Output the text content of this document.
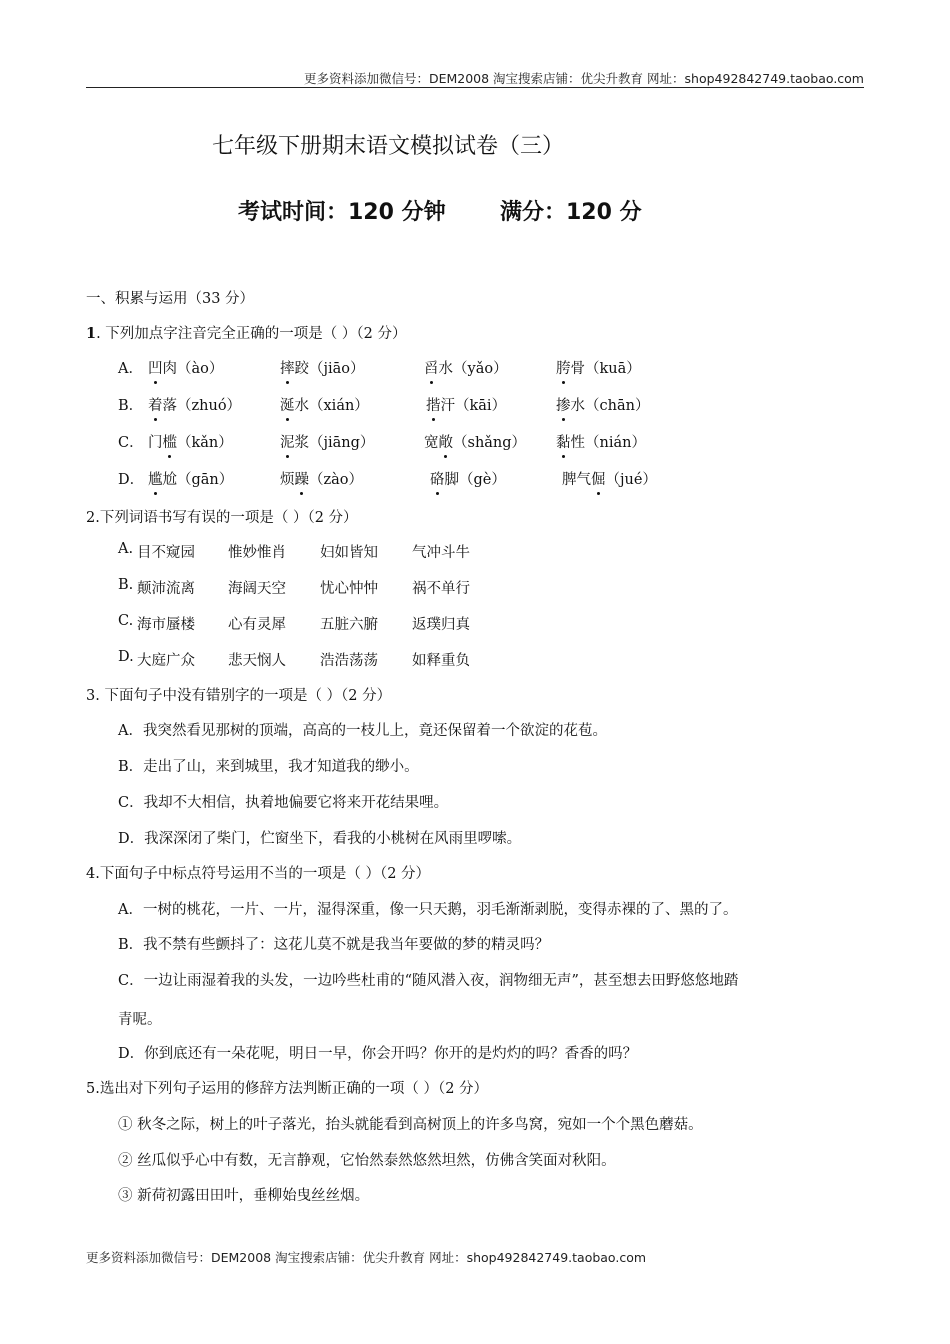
更多资料添加微信号：DEM2008 淘宝搜索店铺：优尖升教育 网址：shop492842749.taobao.com
七年级下册期末语文模拟试卷（三）
考试时间：120 分钟 满分：120 分
一、积累与运用（33 分）
1. 下列加点字注音完全正确的一项是（ ）（2 分）
A． 凹肉（ào）	摔跤（jiāo）	舀水（yǎo）	胯骨（kuā）
B． 着落（zhuó）	涎水（xián）	揩汗（kāi）	掺水（chān）
C． 门槛（kǎn）	泥浆（jiāng）	宽敞（shǎng） 黏性（nián）
D． 尴尬（gān）	烦躁（zào）	硌脚（gè）	脾气倔（jué）
2.下列词语书写有误的一项是（ ）（2 分）
A. 目不窥园 惟妙惟肖 妇如皆知 气冲斗牛
B. 颠沛流离 海阔天空 忧心忡忡 祸不单行
C. 海市蜃楼 心有灵犀 五脏六腑 返璞归真
D. 大庭广众 悲天悯人 浩浩荡荡 如释重负
3. 下面句子中没有错别字的一项是（ ）（2 分）
A．我突然看见那树的顶端，高高的一枝儿上，竟还保留着一个欲淀的花苞。
B．走出了山，来到城里，我才知道我的缈小。
C．我却不大相信，执着地偏要它将来开花结果哩。
D．我深深闭了柴门，伫窗坐下，看我的小桃树在风雨里啰嗦。
4.下面句子中标点符号运用不当的一项是（ ）（2 分）
A．一树的桃花，一片、一片，湿得深重，像一只天鹅，羽毛渐渐剥脱，变得赤裸的了、黑的了。
B．我不禁有些颤抖了：这花儿莫不就是我当年要做的梦的精灵吗？
C．一边让雨湿着我的头发，一边吟些杜甫的“随风潜入夜，润物细无声”，甚至想去田野悠悠地踏
青呢。
D．你到底还有一朵花呢，明日一早，你会开吗？你开的是灼灼的吗？香香的吗？
5.选出对下列句子运用的修辞方法判断正确的一项（ ）（2 分）
① 秋冬之际，树上的叶子落光，抬头就能看到高树顶上的许多鸟窝，宛如一个个黑色蘑菇。
② 丝瓜似乎心中有数，无言静观，它怡然泰然悠然坦然，仿佛含笑面对秋阳。
③ 新荷初露田田叶，垂柳始曳丝丝烟。
更多资料添加微信号：DEM2008 淘宝搜索店铺：优尖升教育 网址：shop492842749.taobao.com
